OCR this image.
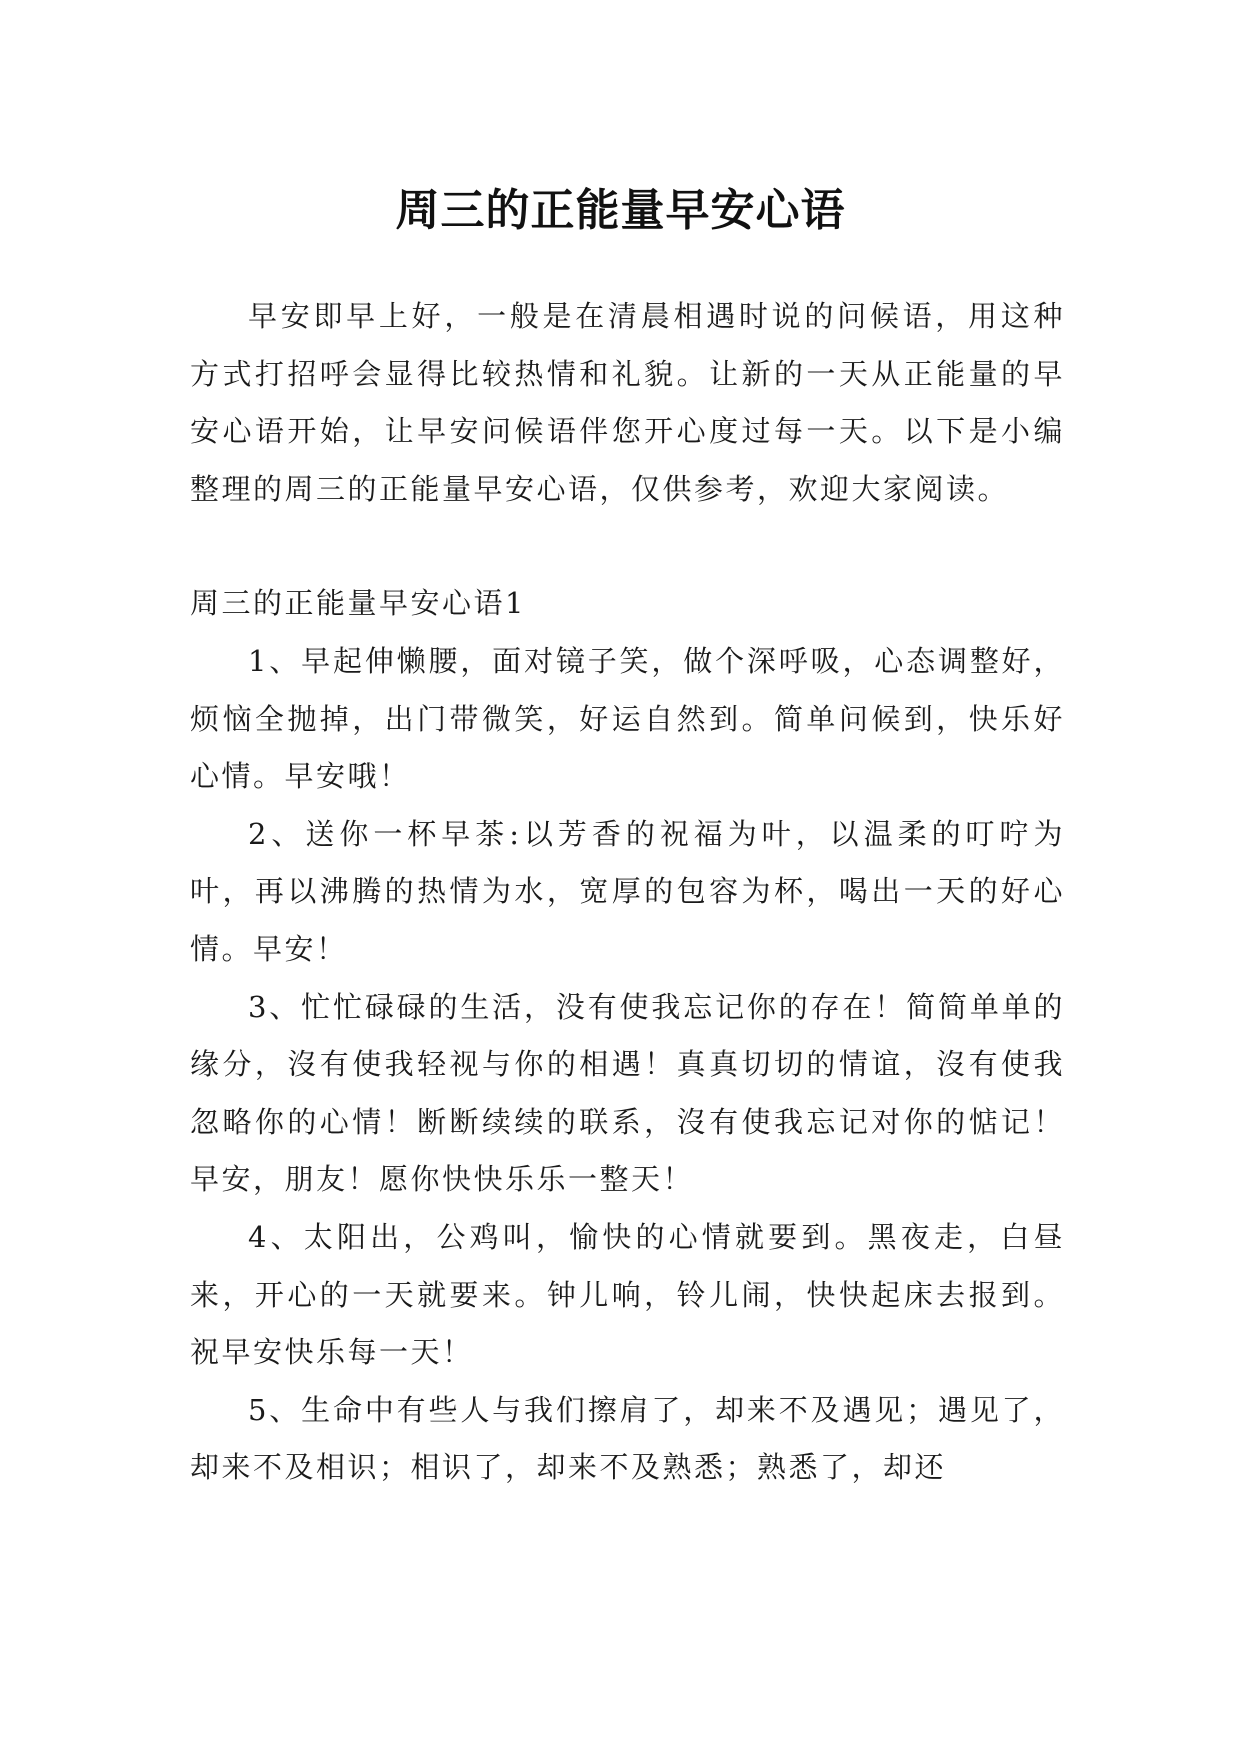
周三的正能量早安心语

早安即早上好，一般是在清晨相遇时说的问候语，用这种方式打招呼会显得比较热情和礼貌。让新的一天从正能量的早安心语开始，让早安问候语伴您开心度过每一天。以下是小编整理的周三的正能量早安心语，仅供参考，欢迎大家阅读。

周三的正能量早安心语1

1、早起伸懒腰，面对镜子笑，做个深呼吸，心态调整好，烦恼全抛掉，出门带微笑，好运自然到。简单问候到，快乐好心情。早安哦！

2、送你一杯早茶:以芳香的祝福为叶，以温柔的叮咛为叶，再以沸腾的热情为水，宽厚的包容为杯，喝出一天的好心情。早安！

3、忙忙碌碌的生活，没有使我忘记你的存在！简简单单的缘分，沒有使我轻视与你的相遇！真真切切的情谊，沒有使我忽略你的心情！断断续续的联系，沒有使我忘记对你的惦记！早安，朋友！愿你快快乐乐一整天！

4、太阳出，公鸡叫，愉快的心情就要到。黑夜走，白昼来，开心的一天就要来。钟儿响，铃儿闹，快快起床去报到。祝早安快乐每一天！

5、生命中有些人与我们擦肩了，却来不及遇见；遇见了，却来不及相识；相识了，却来不及熟悉；熟悉了，却还
